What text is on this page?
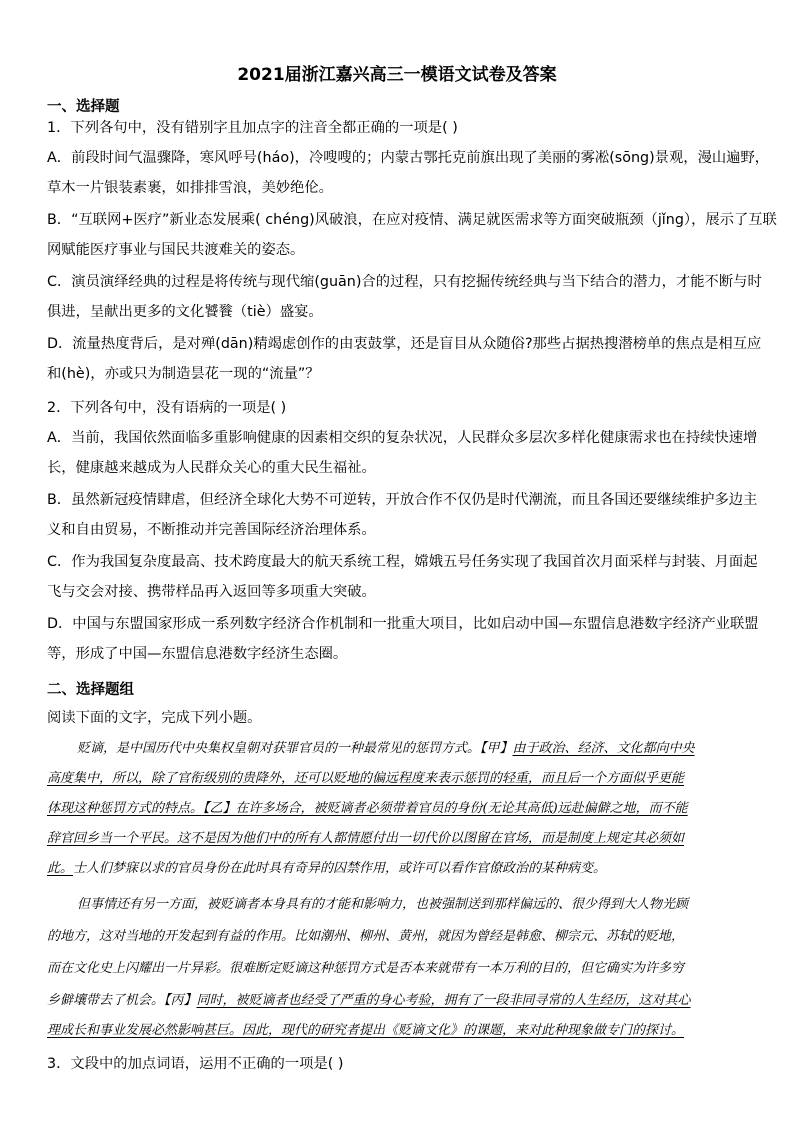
2021届浙江嘉兴高三一模语文试卷及答案
一、选择题
1．下列各句中，没有错别字且加点字的注音全都正确的一项是( )
A．前段时间气温骤降，寒风呼号(háo)，冷嗖嗖的；内蒙古鄂托克前旗出现了美丽的雾凇(sōng)景观，漫山遍野，
草木一片银装素裹，如排排雪浪，美妙绝伦。
B．“互联网+医疗”新业态发展乘( chéng)风破浪，在应对疫情、满足就医需求等方面突破瓶颈（jǐng），展示了互联
网赋能医疗事业与国民共渡难关的姿态。
C．演员演绎经典的过程是将传统与现代缩(guān)合的过程，只有挖掘传统经典与当下结合的潜力，才能不断与时
俱进，呈献出更多的文化饕餮（tiè）盛宴。
D．流量热度背后，是对殚(dān)精竭虑创作的由衷鼓掌，还是盲目从众随俗?那些占据热搜潜榜单的焦点是相互应
和(hè)，亦或只为制造昙花一现的“流量”？
2．下列各句中，没有语病的一项是( )
A．当前，我国依然面临多重影响健康的因素相交织的复杂状况，人民群众多层次多样化健康需求也在持续快速增
长，健康越来越成为人民群众关心的重大民生福祉。
B．虽然新冠疫情肆虐，但经济全球化大势不可逆转，开放合作不仅仍是时代潮流，而且各国还要继续维护多边主
义和自由贸易，不断推动并完善国际经济治理体系。
C．作为我国复杂度最高、技术跨度最大的航天系统工程，嫦娥五号任务实现了我国首次月面采样与封装、月面起
飞与交会对接、携带样品再入返回等多项重大突破。
D．中国与东盟国家形成一系列数字经济合作机制和一批重大项目，比如启动中国—东盟信息港数字经济产业联盟
等，形成了中国—东盟信息港数字经济生态圈。
二、选择题组
阅读下面的文字，完成下列小题。
贬谪，是中国历代中央集权皇朝对获罪官员的一种最常见的惩罚方式。【甲】由于政治、经济、文化都向中央
高度集中，所以，除了官衔级别的贵降外，还可以贬地的偏远程度来表示惩罚的轻重，而且后一个方面似乎更能
体现这种惩罚方式的特点。【乙】在许多场合，被贬谪者必须带着官员的身份(无论其高低)远赴偏僻之地，而不能
辞官回乡当一个平民。这不是因为他们中的所有人都情愿付出一切代价以图留在官场，而是制度上规定其必须如
此。士人们梦寐以求的官员身份在此时具有奇异的囚禁作用，或许可以看作官僚政治的某种病变。
但事情还有另一方面，被贬谪者本身具有的才能和影响力，也被强制送到那样偏远的、很少得到大人物光顾
的地方，这对当地的开发起到有益的作用。比如潮州、柳州、黄州，就因为曾经是韩愈、柳宗元、苏轼的贬地，
而在文化史上闪耀出一片异彩。很难断定贬谪这种惩罚方式是否本来就带有一本万利的目的，但它确实为许多穷
乡僻壤带去了机会。【丙】同时，被贬谪者也经受了严重的身心考验，拥有了一段非同寻常的人生经历，这对其心
理成长和事业发展必然影响甚巨。因此，现代的研究者提出《贬谪文化》的课题，来对此种现象做专门的探讨。
3．文段中的加点词语，运用不正确的一项是( )
